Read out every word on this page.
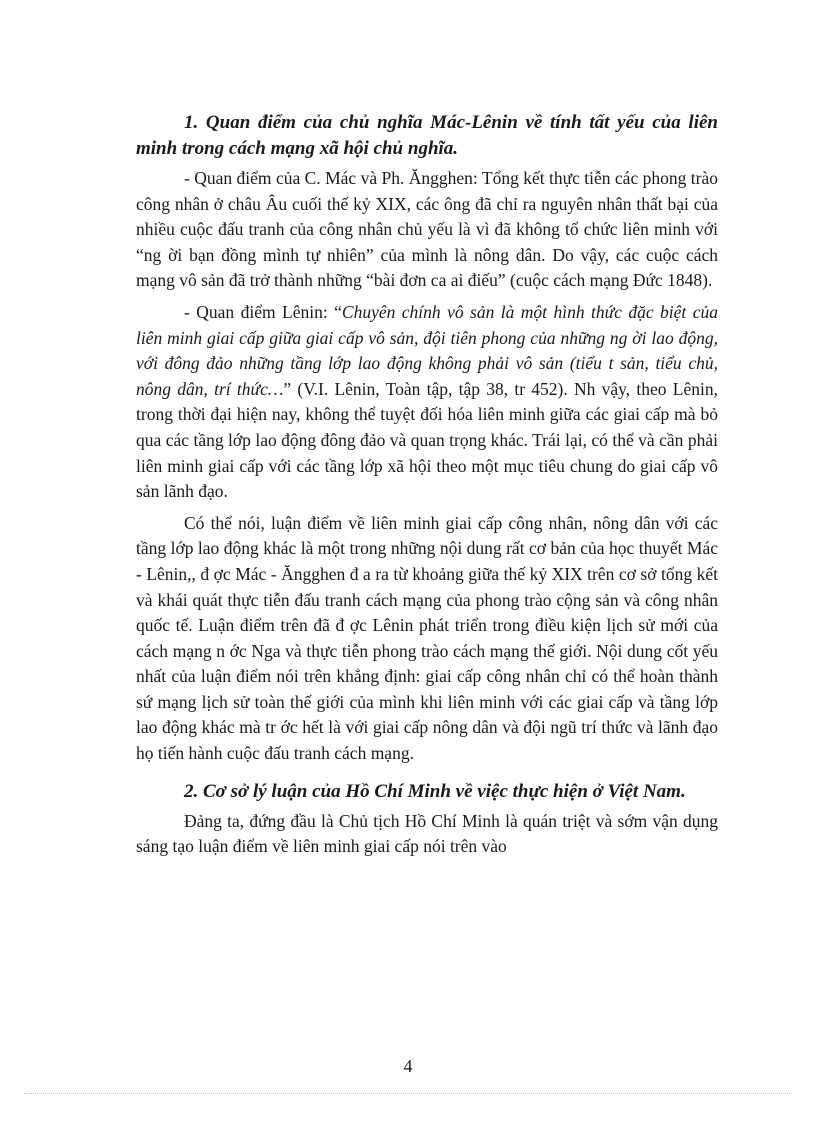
1. Quan điểm của chủ nghĩa Mác-Lênin về tính tất yếu của liên minh trong cách mạng xã hội chủ nghĩa.

- Quan điểm của C. Mác và Ph. Ăngghen: Tổng kết thực tiễn các phong trào công nhân ở châu Âu cuối thế kỷ XIX, các ông đã chỉ ra nguyên nhân thất bại của nhiều cuộc đấu tranh của công nhân chủ yếu là vì đã không tổ chức liên minh với “ng ời bạn đồng mình tự nhiên” của mình là nông dân. Do vậy, các cuộc cách mạng vô sản đã trở thành những “bài đơn ca ai điếu” (cuộc cách mạng Đức 1848).

- Quan điểm Lênin: “Chuyên chính vô sản là một hình thức đặc biệt của liên minh giai cấp giữa giai cấp vô sản, đội tiên phong của những ng ời lao động, với đông đảo những tầng lớp lao động không phải vô sản (tiểu t sản, tiểu chủ, nông dân, trí thức…” (V.I. Lênin, Toàn tập, tập 38, tr 452). Nh vậy, theo Lênin, trong thời đại hiện nay, không thể tuyệt đối hóa liên minh giữa các giai cấp mà bỏ qua các tầng lớp lao động đông đảo và quan trọng khác. Trái lại, có thể và cần phải liên minh giai cấp với các tầng lớp xã hội theo một mục tiêu chung do giai cấp vô sản lãnh đạo.

Có thể nói, luận điểm về liên minh giai cấp công nhân, nông dân với các tầng lớp lao động khác là một trong những nội dung rất cơ bản của học thuyết Mác - Lênin,, đ ợc Mác - Ăngghen đ a ra từ khoảng giữa thế kỷ XIX trên cơ sở tổng kết và khái quát thực tiễn đấu tranh cách mạng của phong trào cộng sản và công nhân quốc tế. Luận điểm trên đã đ ợc Lênin phát triển trong điều kiện lịch sử mới của cách mạng n ớc Nga và thực tiễn phong trào cách mạng thế giới. Nội dung cốt yếu nhất của luận điểm nói trên khẳng định: giai cấp công nhân chỉ có thể hoàn thành sứ mạng lịch sử toàn thế giới của mình khi liên minh với các giai cấp và tầng lớp lao động khác mà tr ớc hết là với giai cấp nông dân và đội ngũ trí thức và lãnh đạo họ tiến hành cuộc đấu tranh cách mạng.

2. Cơ sở lý luận của Hồ Chí Minh về việc thực hiện ở Việt Nam.

Đảng ta, đứng đầu là Chủ tịch Hồ Chí Minh là quán triệt và sớm vận dụng sáng tạo luận điểm về liên minh giai cấp nói trên vào

4
